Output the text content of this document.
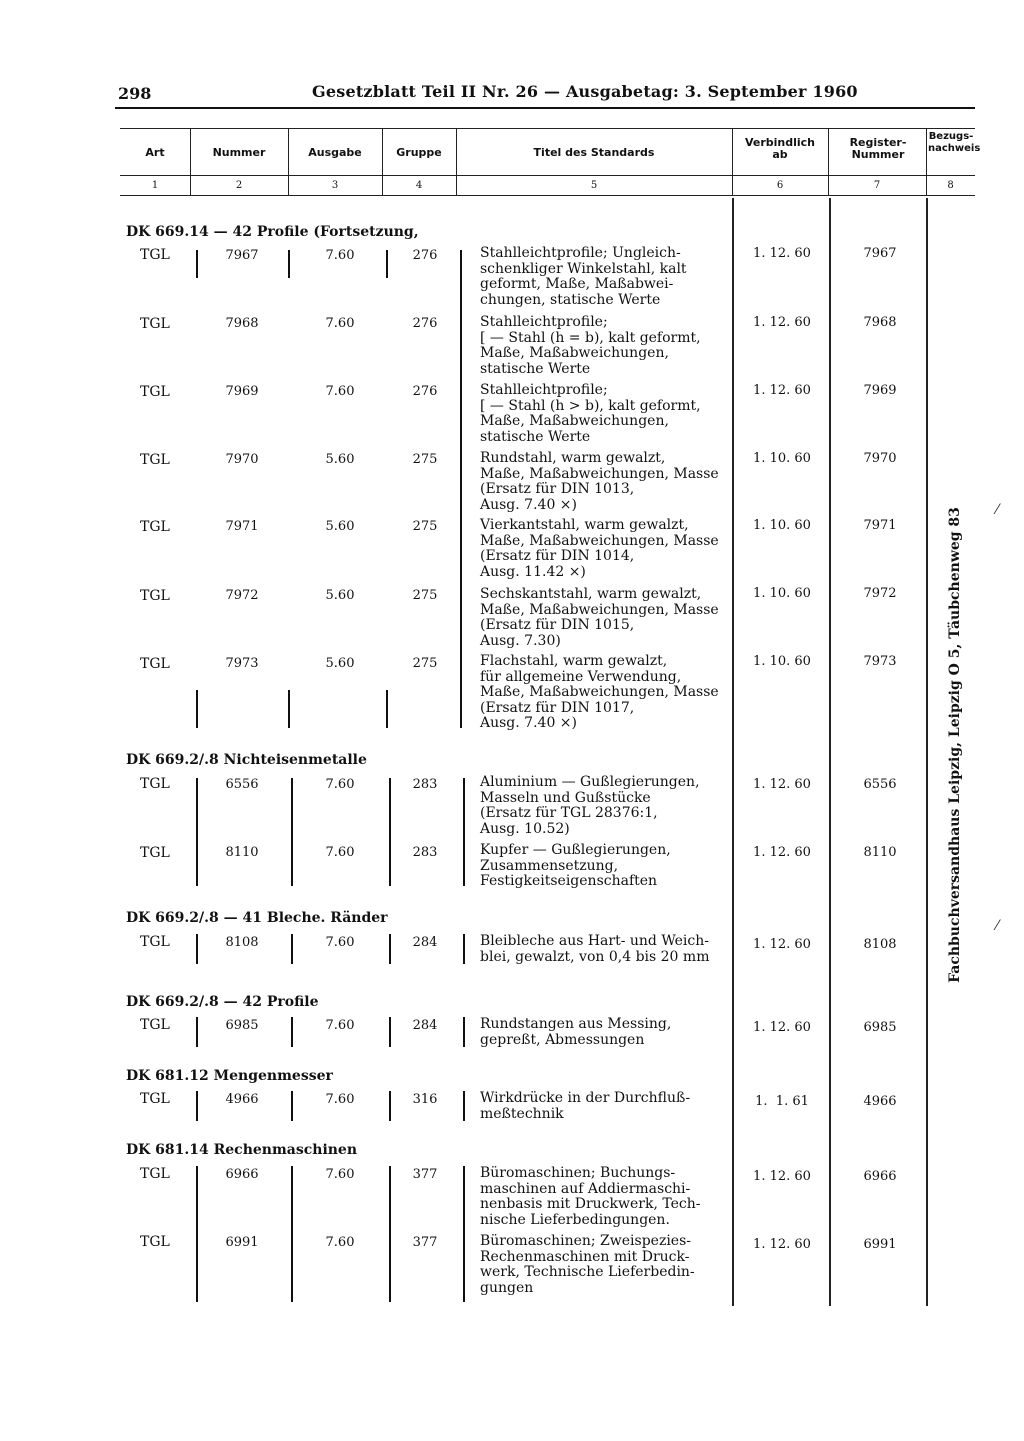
298	Gesetzblatt Teil II Nr. 26 — Ausgabetag: 3. September 1960
Art	Nummer	Ausgabe	Gruppe	Titel des Standards
Verbindlich ab
Register-Nummer
Bezugs-nachweis
1	2	3	4	5	6	7	8
DK 669.14 — 42 Profile (Fortsetzung,
TGL	7967	7.60	276	Stahlleichtprofile; Ungleich-
schenkliger Winkelstahl, kalt
geformt, Maße, Maßabwei-
chungen, statische Werte
1. 12. 60	7967
TGL	7968	7.60	276	Stahlleichtprofile;
[ — Stahl (h = b), kalt geformt,
Maße, Maßabweichungen,
statische Werte
1. 12. 60	7968
TGL	7969	7.60	276	Stahlleichtprofile;
[ — Stahl (h > b), kalt geformt,
Maße, Maßabweichungen,
statische Werte
1. 12. 60	7969
TGL	7970	5.60	275	Rundstahl, warm gewalzt,
Maße, Maßabweichungen, Masse
(Ersatz für DIN 1013,
Ausg. 7.40 ×)
1. 10. 60	7970
TGL	7971	5.60	275	Vierkantstahl, warm gewalzt,
Maße, Maßabweichungen, Masse
(Ersatz für DIN 1014,
Ausg. 11.42 ×)
1. 10. 60	7971
TGL	7972	5.60	275	Sechskantstahl, warm gewalzt,
Maße, Maßabweichungen, Masse
(Ersatz für DIN 1015,
Ausg. 7.30)
1. 10. 60	7972
TGL	7973	5.60	275	Flachstahl, warm gewalzt,
für allgemeine Verwendung,
Maße, Maßabweichungen, Masse
(Ersatz für DIN 1017,
Ausg. 7.40 ×)
1. 10. 60	7973
DK 669.2/.8 Nichteisenmetalle
TGL	6556	7.60	283	Aluminium — Gußlegierungen,
Masseln und Gußstücke
(Ersatz für TGL 28376:1,
Ausg. 10.52)
1. 12. 60	6556
TGL	8110	7.60	283	Kupfer — Gußlegierungen,
Zusammensetzung,
Festigkeitseigenschaften
1. 12. 60	8110
DK 669.2/.8 — 41 Bleche. Ränder
TGL	8108	7.60	284	Bleibleche aus Hart- und Weich-
blei, gewalzt, von 0,4 bis 20 mm
1. 12. 60	8108
DK 669.2/.8 — 42 Profile
TGL	6985	7.60	284	Rundstangen aus Messing,
gepreßt, Abmessungen
1. 12. 60	6985
DK 681.12 Mengenmesser
TGL	4966	7.60	316	Wirkdrücke in der Durchfluß-
meßtechnik
1.  1. 61	4966
DK 681.14 Rechenmaschinen
TGL	6966	7.60	377	Büromaschinen; Buchungs-
maschinen auf Addiermaschi-
nenbasis mit Druckwerk, Tech-
nische Lieferbedingungen.
1. 12. 60	6966
TGL	6991	7.60	377	Büromaschinen; Zweispezies-
Rechenmaschinen mit Druck-
werk, Technische Lieferbedin-
gungen
1. 12. 60	6991
Fachbuchversandhaus Leipzig, Leipzig O 5, Täubchenweg 83 ⁄
⁄
